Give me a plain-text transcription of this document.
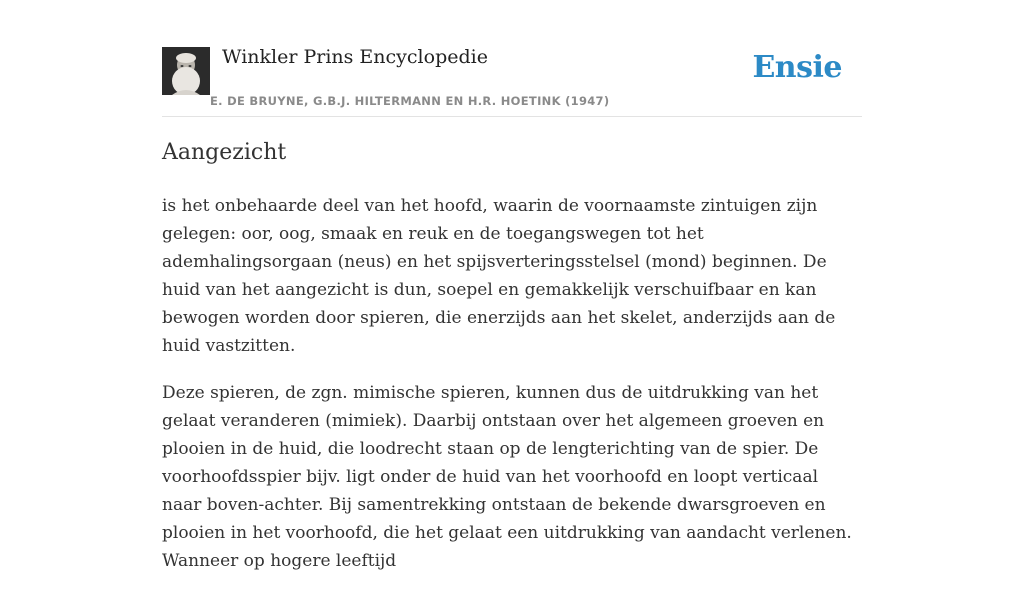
Winkler Prins Encyclopedie
E. DE BRUYNE, G.B.J. HILTERMANN EN H.R. HOETINK (1947)
Ensie
Aangezicht

is het onbehaarde deel van het hoofd, waarin de voornaamste zintuigen zijn gelegen: oor, oog, smaak en reuk en de toegangswegen tot het ademhalingsorgaan (neus) en het spijsverteringsstelsel (mond) beginnen. De huid van het aangezicht is dun, soepel en gemakkelijk verschuifbaar en kan bewogen worden door spieren, die enerzijds aan het skelet, anderzijds aan de huid vastzitten.

Deze spieren, de zgn. mimische spieren, kunnen dus de uitdrukking van het gelaat veranderen (mimiek). Daarbij ontstaan over het algemeen groeven en plooien in de huid, die loodrecht staan op de lengterichting van de spier. De voorhoofdsspier bijv. ligt onder de huid van het voorhoofd en loopt verticaal naar boven-achter. Bij samentrekking ontstaan de bekende dwarsgroeven en plooien in het voorhoofd, die het gelaat een uitdrukking van aandacht verlenen. Wanneer op hogere leeftijd
